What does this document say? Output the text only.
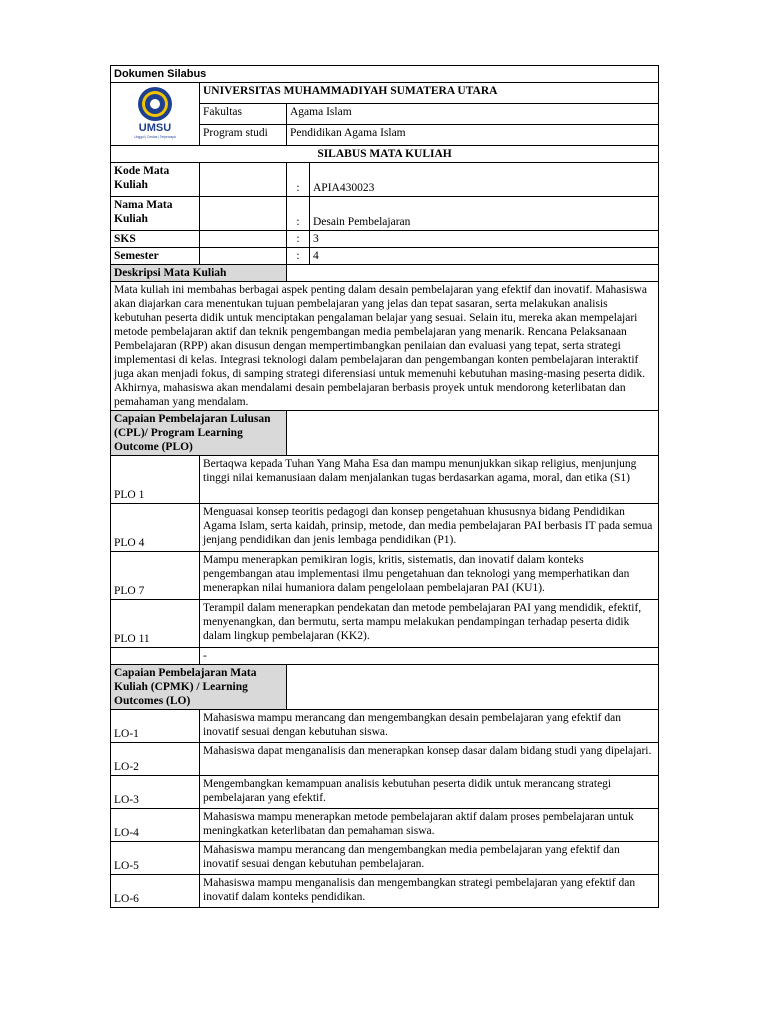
Dokumen Silabus			

UMSU
Unggul | Cerdas | Terpercaya	UNIVERSITAS MUHAMMADIYAH SUMATERA UTARA		
	Fakultas	Agama Islam	
	Program studi	Pendidikan Agama Islam	
SILABUS MATA KULIAH			
Kode Mata Kuliah		:	APIA430023
Nama Mata Kuliah		:	Desain Pembelajaran
SKS		:	3
Semester		:	4
Deskripsi Mata Kuliah			
Mata kuliah ini membahas berbagai aspek penting dalam desain pembelajaran yang efektif dan inovatif. Mahasiswa akan diajarkan cara menentukan tujuan pembelajaran yang jelas dan tepat sasaran, serta melakukan analisis kebutuhan peserta didik untuk menciptakan pengalaman belajar yang sesuai. Selain itu, mereka akan mempelajari metode pembelajaran aktif dan teknik pengembangan media pembelajaran yang menarik. Rencana Pelaksanaan Pembelajaran (RPP) akan disusun dengan mempertimbangkan penilaian dan evaluasi yang tepat, serta strategi implementasi di kelas. Integrasi teknologi dalam pembelajaran dan pengembangan konten pembelajaran interaktif juga akan menjadi fokus, di samping strategi diferensiasi untuk memenuhi kebutuhan masing-masing peserta didik. Akhirnya, mahasiswa akan mendalami desain pembelajaran berbasis proyek untuk mendorong keterlibatan dan pemahaman yang mendalam.			
Capaian Pembelajaran Lulusan (CPL)/ Program Learning Outcome (PLO)			
PLO 1	Bertaqwa kepada Tuhan Yang Maha Esa dan mampu menunjukkan sikap religius, menjunjung tinggi nilai kemanusiaan dalam menjalankan tugas berdasarkan agama, moral, dan etika (S1)		
PLO 4	Menguasai konsep teoritis pedagogi dan konsep pengetahuan khususnya bidang Pendidikan Agama Islam, serta kaidah, prinsip, metode, dan media pembelajaran PAI berbasis IT pada semua jenjang pendidikan dan jenis lembaga pendidikan (P1).		
PLO 7	Mampu menerapkan pemikiran logis, kritis, sistematis, dan inovatif dalam konteks pengembangan atau implementasi ilmu pengetahuan dan teknologi yang memperhatikan dan menerapkan nilai humaniora dalam pengelolaan pembelajaran PAI (KU1).		
PLO 11	Terampil dalam menerapkan pendekatan dan metode pembelajaran PAI yang mendidik, efektif, menyenangkan, dan bermutu, serta mampu melakukan pendampingan terhadap peserta didik dalam lingkup pembelajaran (KK2).		
	-		
Capaian Pembelajaran Mata Kuliah (CPMK) / Learning Outcomes (LO)			
LO-1	Mahasiswa mampu merancang dan mengembangkan desain pembelajaran yang efektif dan inovatif sesuai dengan kebutuhan siswa.		
LO-2	Mahasiswa dapat menganalisis dan menerapkan konsep dasar dalam bidang studi yang dipelajari.		
LO-3	Mengembangkan kemampuan analisis kebutuhan peserta didik untuk merancang strategi pembelajaran yang efektif.		
LO-4	Mahasiswa mampu menerapkan metode pembelajaran aktif dalam proses pembelajaran untuk meningkatkan keterlibatan dan pemahaman siswa.		
LO-5	Mahasiswa mampu merancang dan mengembangkan media pembelajaran yang efektif dan inovatif sesuai dengan kebutuhan pembelajaran.		
LO-6	Mahasiswa mampu menganalisis dan mengembangkan strategi pembelajaran yang efektif dan inovatif dalam konteks pendidikan.		
